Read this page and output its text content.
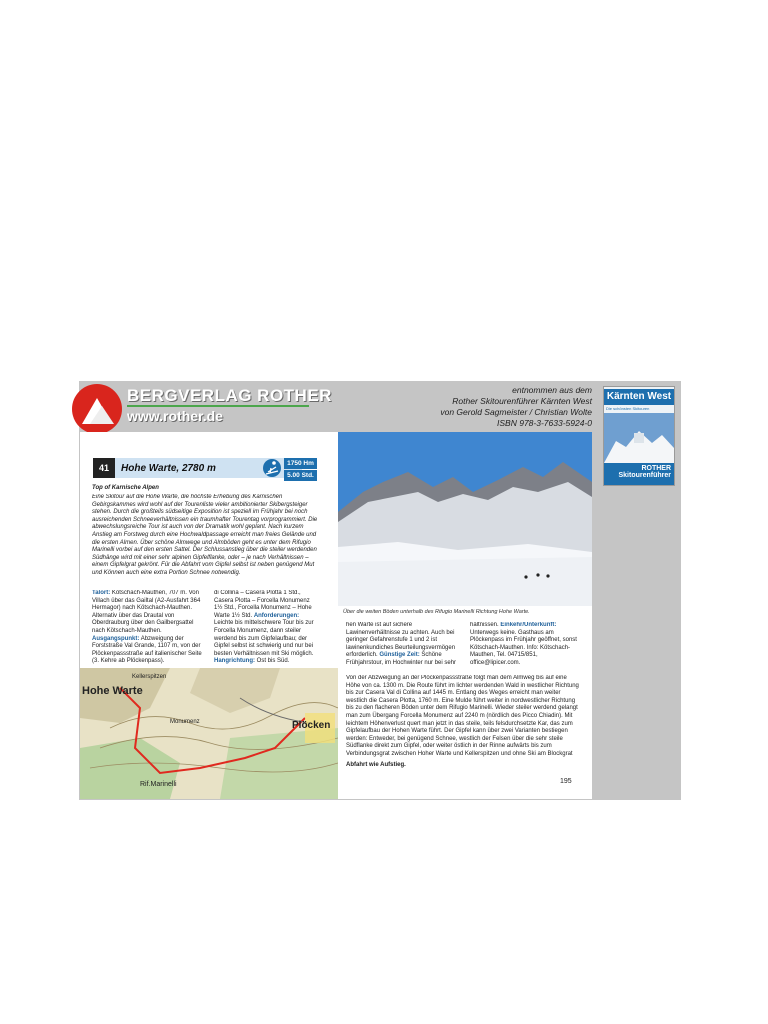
BERGVERLAG ROTHER
www.rother.de
entnommen aus dem
Rother Skitourenführer Kärnten West
von Gerold Sagmeister / Christian Wolte
ISBN 978-3-7633-5924-0
Kärnten West
Die schönsten Skitouren
ROTHER
Skitourenführer
41	Hohe Warte, 2780 m	1750 Hm
5.00 Std.
Top of Karnische Alpen
Eine Skitour auf die Hohe Warte, die höchste Erhebung des Karnischen Gebirgskammes wird wohl auf der Tourenliste vieler ambitionierter Skibergsteiger stehen. Durch die großteils südseitige Exposition ist speziell im Frühjahr bei noch ausreichenden Schneeverhältnissen ein traumhafter Tourentag vorprogrammiert. Die abwechslungsreiche Tour ist auch von der Dramatik wohl geplant. Nach kurzem Anstieg am Forstweg durch eine Hochwaldpassage erreicht man freies Gelände und die ersten Almen. Über schöne Almwege und Almböden geht es unter dem Rifugio Marinelli vorbei auf den ersten Sattel. Der Schlussanstieg über die steiler werdenden Südhänge wird mit einer sehr alpinen Gipfelflanke, oder – je nach Verhältnissen – einem Gipfelgrat gekrönt. Für die Abfahrt vom Gipfel selbst ist neben genügend Mut und Können auch eine extra Portion Schnee notwendig.
Talort: Kötschach-Mauthen, 707 m. Von Villach über das Gailtal (A2-Ausfahrt 364 Hermagor) nach Kötschach-Mauthen. Alternativ über das Drautal von Oberdrauburg über den Gailbergsattel nach Kötschach-Mauthen. Ausgangspunkt: Abzweigung der Forststraße Val Grande, 1107 m, von der Plöckenpassstraße auf italienischer Seite (3. Kehre ab Plöckenpass).
di Collina – Casera Plotta 1 Std., Casera Plotta – Forcella Monumenz 1½ Std., Forcella Monumenz – Hohe Warte 1½ Std. Anforderungen: Leichte bis mittelschwere Tour bis zur Forcella Monumenz, dann steiler werdend bis zum Gipfelaufbau; der Gipfel selbst ist schwierig und nur bei besten Verhältnissen mit Ski möglich. Hangrichtung: Ost bis Süd.
Hohe Warte
Kellerspitzen
Plöcken
Monumenz
Rif.Marinelli
Über die weiten Böden unterhalb des Rifugio Marinelli Richtung Hohe Warte.
hen Warte ist auf sichere Lawinenverhältnisse zu achten. Auch bei geringer Gefahrenstufe 1 und 2 ist lawinenkundiches Beurteilungsvermögen erforderlich. Günstige Zeit: Schöne Frühjahrstour, im Hochwinter nur bei sehr
hältnissen. Einkehr/Unterkunft: Unterwegs keine. Gasthaus am Plöckenpass im Frühjahr geöffnet, sonst Kötschach-Mauthen. Info: Kötschach-Mauthen, Tel. 04715/851, office@lipicer.com.
Von der Abzweigung an der Plöckenpassstraße folgt man dem Almweg bis auf eine Höhe von ca. 1300 m. Die Route führt im lichter werdenden Wald in westlicher Richtung bis zur Casera Val di Collina auf 1445 m. Entlang des Weges erreicht man weiter westlich die Casera Plotta, 1760 m. Eine Mulde führt weiter in nordwestlicher Richtung bis zu den flacheren Böden unter dem Rifugio Marinelli. Wieder steiler werdend gelangt man zum Übergang Forcella Monumenz auf 2240 m (nördlich des Picco Chiadin). Mit leichtem Höhenverlust quert man jetzt in das steile, teils felsdurchsetzte Kar, das zum Gipfelaufbau der Hohen Warte führt. Der Gipfel kann über zwei Varianten bestiegen werden: Entweder, bei genügend Schnee, westlich der Felsen über die sehr steile Südflanke direkt zum Gipfel, oder weiter östlich in der Rinne aufwärts bis zum Verbindungsgrat zwischen Hoher Warte und Kellerspitzen und ohne Ski am Blockgrat
Abfahrt wie Aufstieg.
195
